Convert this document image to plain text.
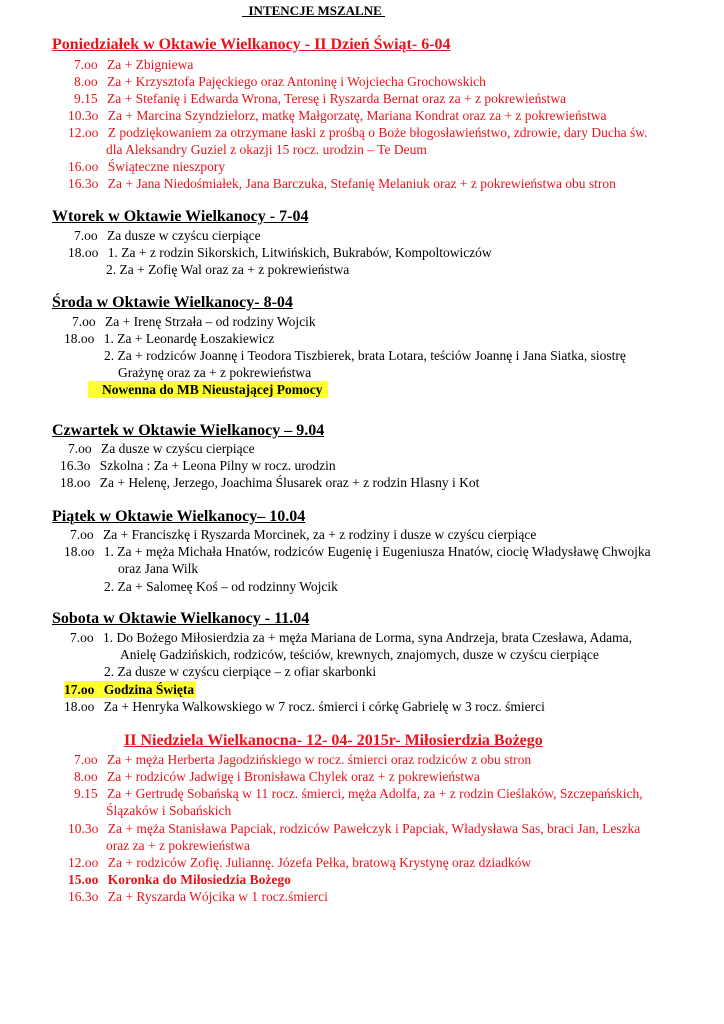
INTENCJE MSZALNE
Poniedziałek w Oktawie Wielkanocy - II Dzień Świąt- 6-04
7.oo Za + Zbigniewa
8.oo Za + Krzysztofa Pajęckiego oraz Antoninę i Wojciecha Grochowskich
9.15 Za + Stefanię i Edwarda Wrona, Teresę i Ryszarda Bernat oraz za + z pokrewieństwa
10.3o Za + Marcina Szyndzielorz, matkę Małgorzatę, Mariana Kondrat oraz za + z pokrewieństwa
12.oo Z podziękowaniem za otrzymane łaski z prośbą o Boże błogosławieństwo, zdrowie, dary Ducha św.
dla Aleksandry Guziel z okazji 15 rocz. urodzin – Te Deum
16.oo Świąteczne nieszpory
16.3o Za + Jana Niedośmiałek, Jana Barczuka, Stefanię Melaniuk oraz + z pokrewieństwa obu stron
Wtorek w Oktawie Wielkanocy - 7-04
7.oo Za dusze w czyśc​u cierpiące
18.oo 1. Za + z rodzin Sikorskich, Litwińskich, Bukrabów, Kompoltowiczów
2. Za + Zofię Wal oraz za + z pokrewieństwa
Środa w Oktawie Wielkanocy- 8-04
7.oo Za + Irenę Strzała – od rodziny Wojcik
18.oo 1. Za + Leonardę Łoszakiewicz
2. Za + rodziców Joannę i Teodora Tiszbierek, brata Lotara, teściów Joannę i Jana Siatka, siostrę
Grażynę oraz za + z pokrewieństwa
Nowenna do MB Nieustającej Pomocy
Czwartek w Oktawie Wielkanocy – 9.04
7.oo Za dusze w czyśc​u cierpiące
16.3o Szkolna : Za + Leona Pilny w rocz. urodzin
18.oo Za + Helenę, Jerzego, Joachima Ślusarek oraz + z rodzin Hlasny i Kot
Piątek w Oktawie Wielkanocy– 10.04
7.oo Za + Franciszkę i Ryszarda Morcinek, za + z rodziny i dusze w czyśc​u cierpiące
18.oo 1. Za + męża Michała Hnatów, rodziców Eugenię i Eugeniusza Hnatów, ciocię Władysławę Chwojka
oraz Jana Wilk
2. Za + Salomeę Koś – od rodzinny Wojcik
Sobota w Oktawie Wielkanocy - 11.04
7.oo 1. Do Bożego Miłosierdzia za + męża Mariana de Lorma, syna Andrzeja, brata Czesława, Adama,
Anielę Gadzińskich, rodziców, teściów, krewnych, znajomych, dusze w czyśc​u cierpiące
2. Za dusze w czyśc​u cierpiące – z ofiar skarbonki
17.oo Godzina Święta
18.oo Za + Henryka Walkowskiego w 7 rocz. śmierci i córkę Gabrielę w 3 rocz. śmierci
II Niedziela Wielkanocna- 12- 04- 2015r- Miłosierdzia Bożego
7.oo Za + męża Herberta Jagodzińskiego w rocz. śmierci oraz rodziców z obu stron
8.oo Za + rodziców Jadwigę i Bronisława Chylek oraz + z pokrewieństwa
9.15 Za + Gertrudę Sobańską w 11 rocz. śmierci, męża Adolfa, za + z rodzin Cieślaków, Szczepańskich,
Ślązaków i Sobańskich
10.3o Za + męża Stanisława Papciak, rodziców Pawełczyk i Papciak, Władysława Sas, braci Jan, Leszka
oraz za + z pokrewieństwa
12.oo Za + rodziców Zofię. Juliannę. Józefa Pełka, bratową Krystynę oraz dziadków
15.oo Koronka do Miłosiedzia Bożego
16.3o Za + Ryszarda Wójcika w 1 rocz.śmierci
